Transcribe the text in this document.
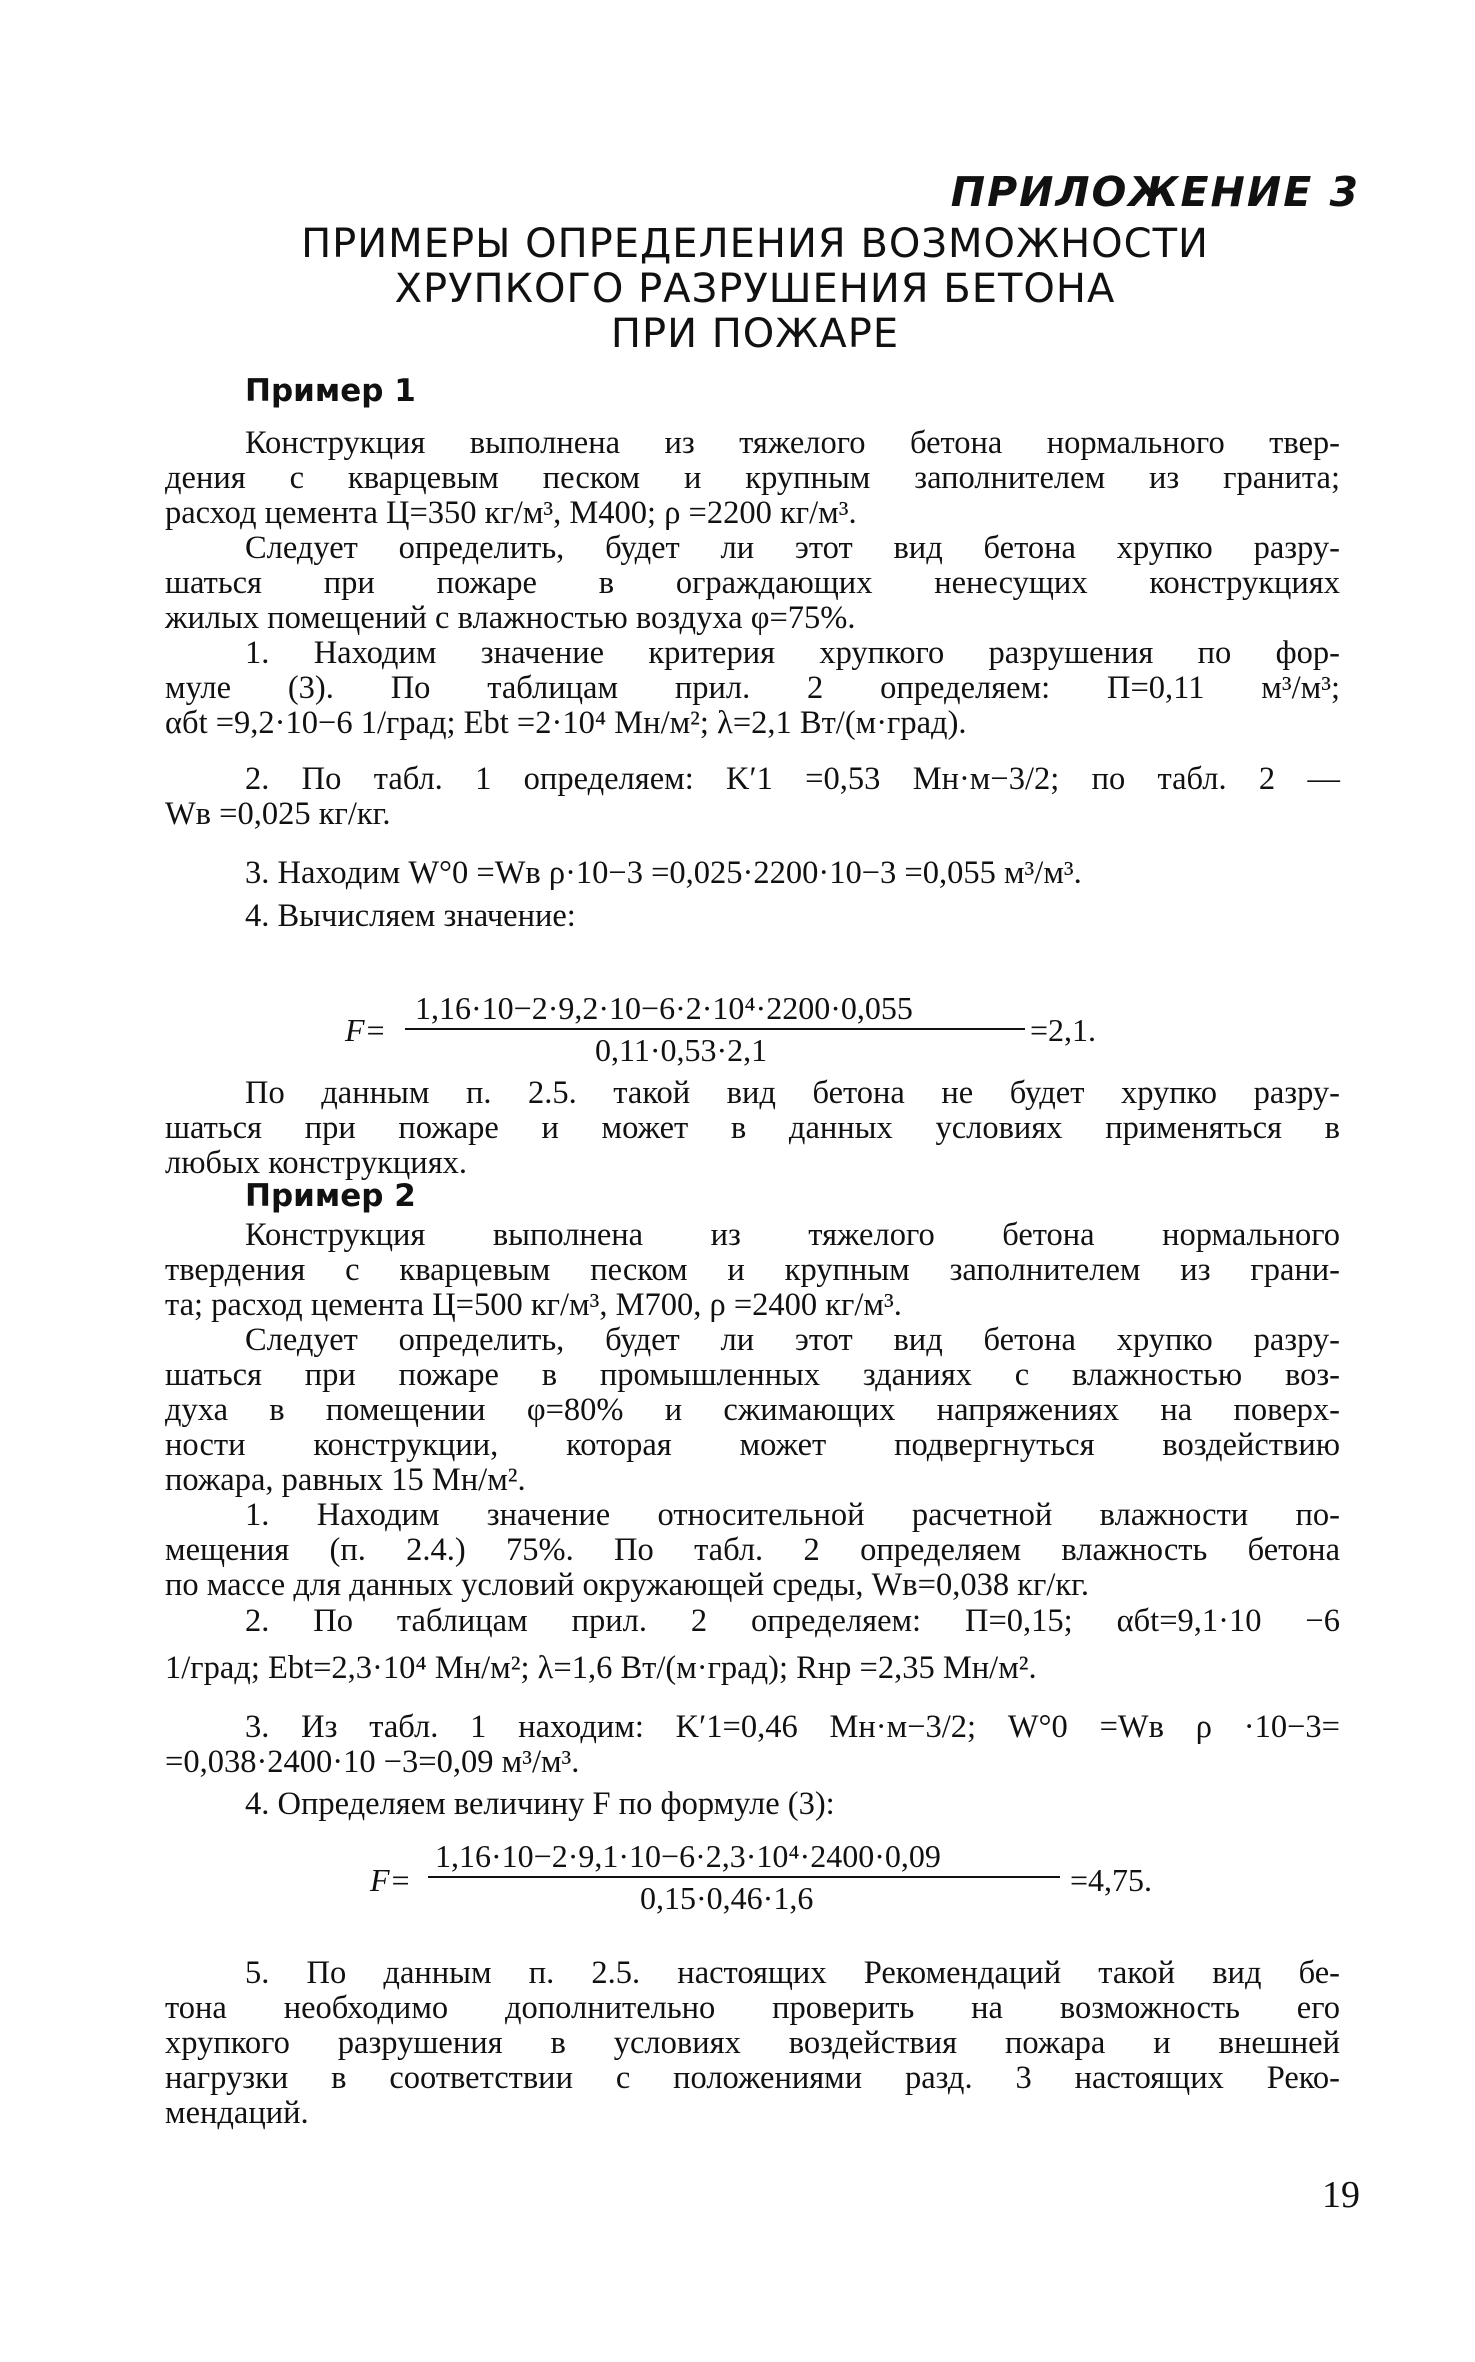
ПРИЛОЖЕНИЕ 3
ПРИМЕРЫ ОПРЕДЕЛЕНИЯ ВОЗМОЖНОСТИ
ХРУПКОГО РАЗРУШЕНИЯ БЕТОНА
ПРИ ПОЖАРЕ
Пример 1
Конструкция выполнена из тяжелого бетона нормального твер-
дения с кварцевым песком и крупным заполнителем из гранита;
расход цемента Ц=350 кг/м³, М400; ρ =2200 кг/м³.
Следует определить, будет ли этот вид бетона хрупко разру-
шаться при пожаре в ограждающих ненесущих конструкциях
жилых помещений с влажностью воздуха φ=75%.
1. Находим значение критерия хрупкого разрушения по фор-
муле (3). По таблицам прил. 2 определяем: П=0,11 м³/м³;
αбt =9,2·10−6 1/град; Ebt =2·10⁴ Мн/м²; λ=2,1 Вт/(м·град).
2. По табл. 1 определяем: K′1 =0,53 Мн·м−3/2; по табл. 2 —
Wв =0,025 кг/кг.
3. Находим W°0 =Wв ρ·10−3 =0,025·2200·10−3 =0,055 м³/м³.
4. Вычисляем значение:
F=
1,16·10−2·9,2·10−6·2·10⁴·2200·0,055
0,11·0,53·2,1
=2,1.
По данным п. 2.5. такой вид бетона не будет хрупко разру-
шаться при пожаре и может в данных условиях применяться в
любых конструкциях.
Пример 2
Конструкция выполнена из тяжелого бетона нормального
твердения с кварцевым песком и крупным заполнителем из грани-
та; расход цемента Ц=500 кг/м³, М700, ρ =2400 кг/м³.
Следует определить, будет ли этот вид бетона хрупко разру-
шаться при пожаре в промышленных зданиях с влажностью воз-
духа в помещении φ=80% и сжимающих напряжениях на поверх-
ности конструкции, которая может подвергнуться воздействию
пожара, равных 15 Мн/м².
1. Находим значение относительной расчетной влажности по-
мещения (п. 2.4.) 75%. По табл. 2 определяем влажность бетона
по массе для данных условий окружающей среды, Wв=0,038 кг/кг.
2. По таблицам прил. 2 определяем: П=0,15; αбt=9,1·10 −6
1/град; Ebt=2,3·10⁴ Мн/м²; λ=1,6 Вт/(м·град); Rнр =2,35 Мн/м².
3. Из табл. 1 находим: K′1=0,46 Мн·м−3/2; W°0 =Wв ρ ·10−3=
=0,038·2400·10 −3=0,09 м³/м³.
4. Определяем величину F по формуле (3):
F=
1,16·10−2·9,1·10−6·2,3·10⁴·2400·0,09
0,15·0,46·1,6	=4,75.
5. По данным п. 2.5. настоящих Рекомендаций такой вид бе-
тона необходимо дополнительно проверить на возможность его
хрупкого разрушения в условиях воздействия пожара и внешней
нагрузки в соответствии с положениями разд. 3 настоящих Реко-
мендаций.
19
